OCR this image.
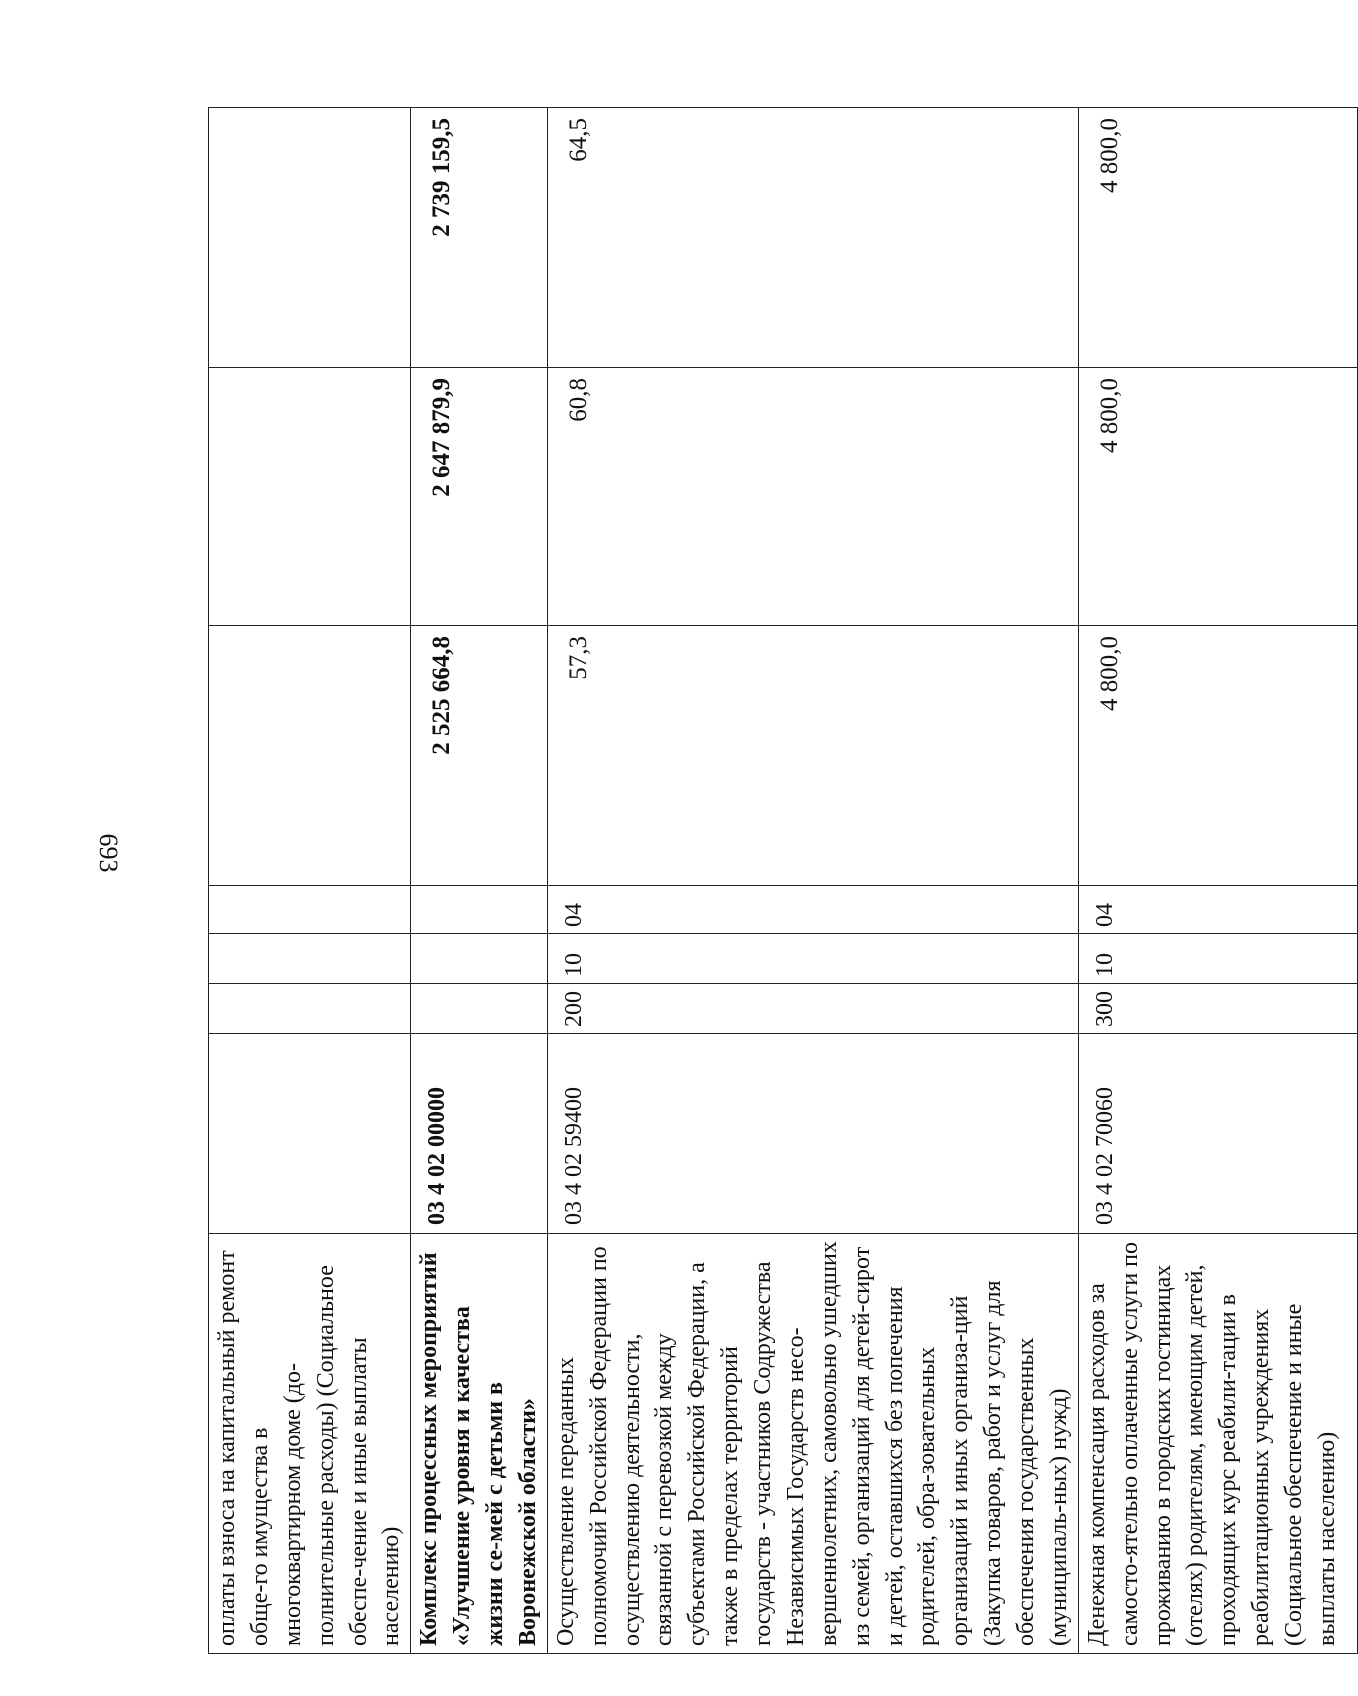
693
оплаты взноса на капитальный ремонт обще-го имущества в многоквартирном доме (до-полнительные расходы) (Социальное обеспе-чение и иные выплаты населению)							
Комплекс процессных мероприятий «Улучшение уровня и качества жизни се-мей с детьми в Воронежской области»	03 4 02 00000				2 525 664,8	2 647 879,9	2 739 159,5
Осуществление переданных полномочий Российской Федерации по осуществлению деятельности, связанной с перевозкой между субъектами Российской Федерации, а также в пределах территорий государств - участников Содружества Независимых Государств несо-вершеннолетних, самовольно ушедших из семей, организаций для детей-сирот и детей, оставшихся без попечения родителей, обра-зовательных организаций и иных организа-ций (Закупка товаров, работ и услуг для обеспечения государственных (муниципаль-ных) нужд)	03 4 02 59400	200	10	04	57,3	60,8	64,5
Денежная компенсация расходов за самосто-ятельно оплаченные услуги по проживанию в городских гостиницах (отелях) родителям, имеющим детей, проходящих курс реабили-тации в реабилитационных учреждениях (Социальное обеспечение и иные выплаты населению)	03 4 02 70060	300	10	04	4 800,0	4 800,0	4 800,0
